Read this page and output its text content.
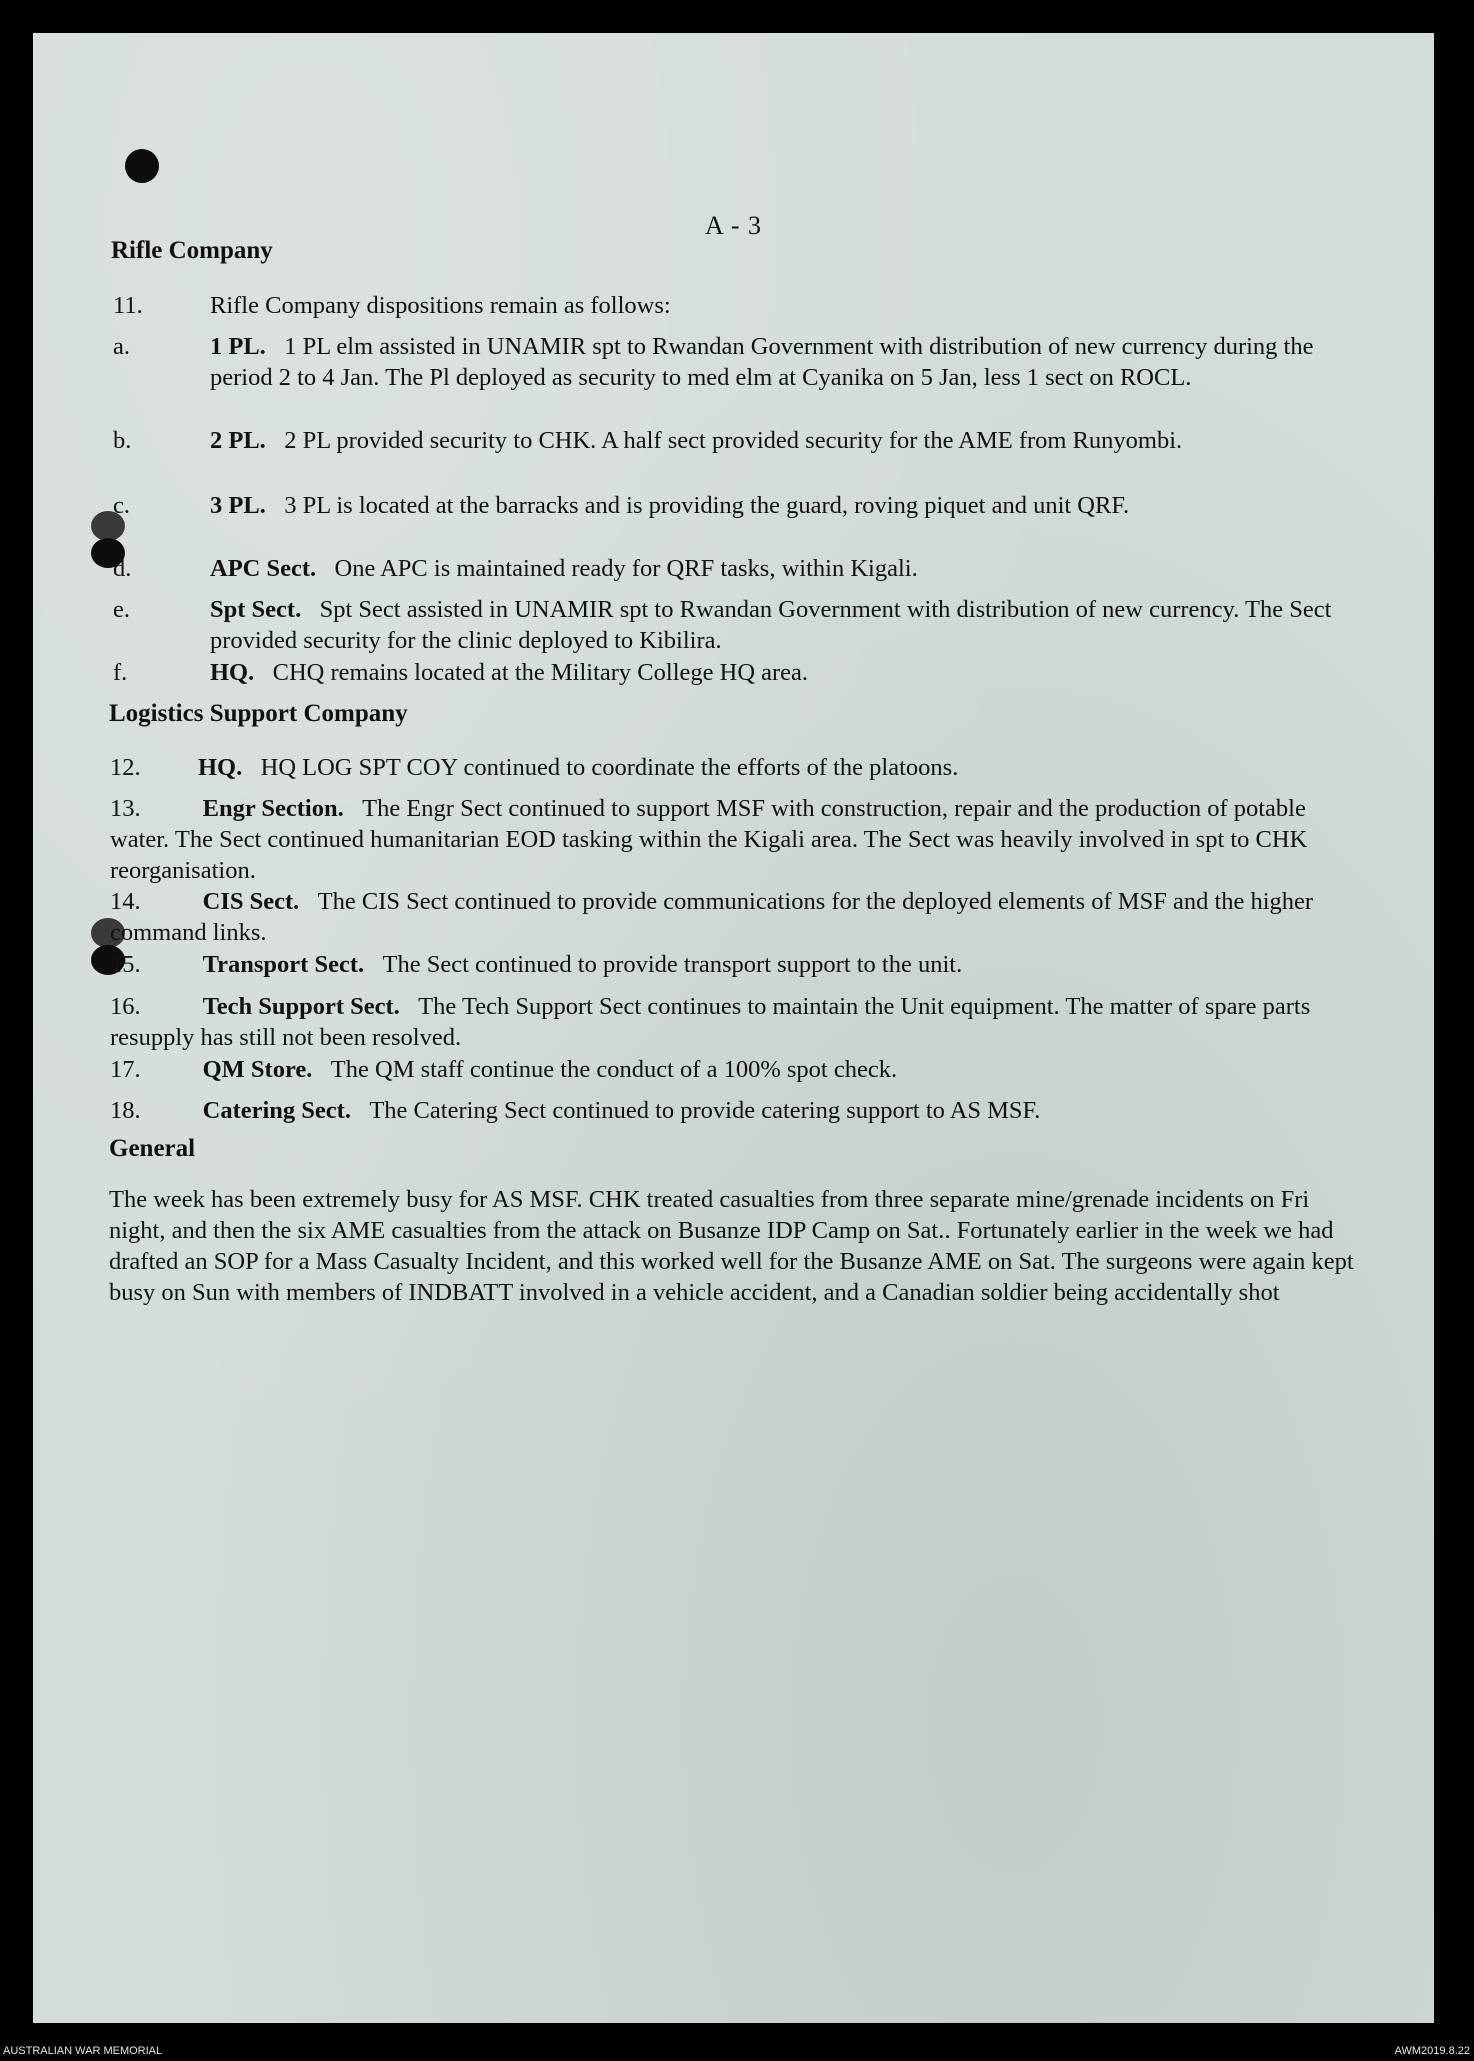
A - 3
Rifle Company
11.	Rifle Company dispositions remain as follows:
a.	1 PL. 1 PL elm assisted in UNAMIR spt to Rwandan Government with distribution of new currency during the period 2 to 4 Jan. The Pl deployed as security to med elm at Cyanika on 5 Jan, less 1 sect on ROCL.
b.	2 PL. 2 PL provided security to CHK. A half sect provided security for the AME from Runyombi.
c.	3 PL. 3 PL is located at the barracks and is providing the guard, roving piquet and unit QRF.
d.	APC Sect. One APC is maintained ready for QRF tasks, within Kigali.
e.	Spt Sect. Spt Sect assisted in UNAMIR spt to Rwandan Government with distribution of new currency. The Sect provided security for the clinic deployed to Kibilira.
f.	HQ. CHQ remains located at the Military College HQ area.
Logistics Support Company
12. HQ. HQ LOG SPT COY continued to coordinate the efforts of the platoons.
13.	Engr Section. The Engr Sect continued to support MSF with construction, repair and the production of potable water. The Sect continued humanitarian EOD tasking within the Kigali area. The Sect was heavily involved in spt to CHK reorganisation.
14.	CIS Sect. The CIS Sect continued to provide communications for the deployed elements of MSF and the higher command links.
15.	Transport Sect. The Sect continued to provide transport support to the unit.
16.	Tech Support Sect. The Tech Support Sect continues to maintain the Unit equipment. The matter of spare parts resupply has still not been resolved.
17.	QM Store. The QM staff continue the conduct of a 100% spot check.
18.	Catering Sect. The Catering Sect continued to provide catering support to AS MSF.
General
The week has been extremely busy for AS MSF. CHK treated casualties from three separate mine/grenade incidents on Fri night, and then the six AME casualties from the attack on Busanze IDP Camp on Sat.. Fortunately earlier in the week we had drafted an SOP for a Mass Casualty Incident, and this worked well for the Busanze AME on Sat. The surgeons were again kept busy on Sun with members of INDBATT involved in a vehicle accident, and a Canadian soldier being accidentally shot
AUSTRALIAN WAR MEMORIAL	AWM2019.8.22
